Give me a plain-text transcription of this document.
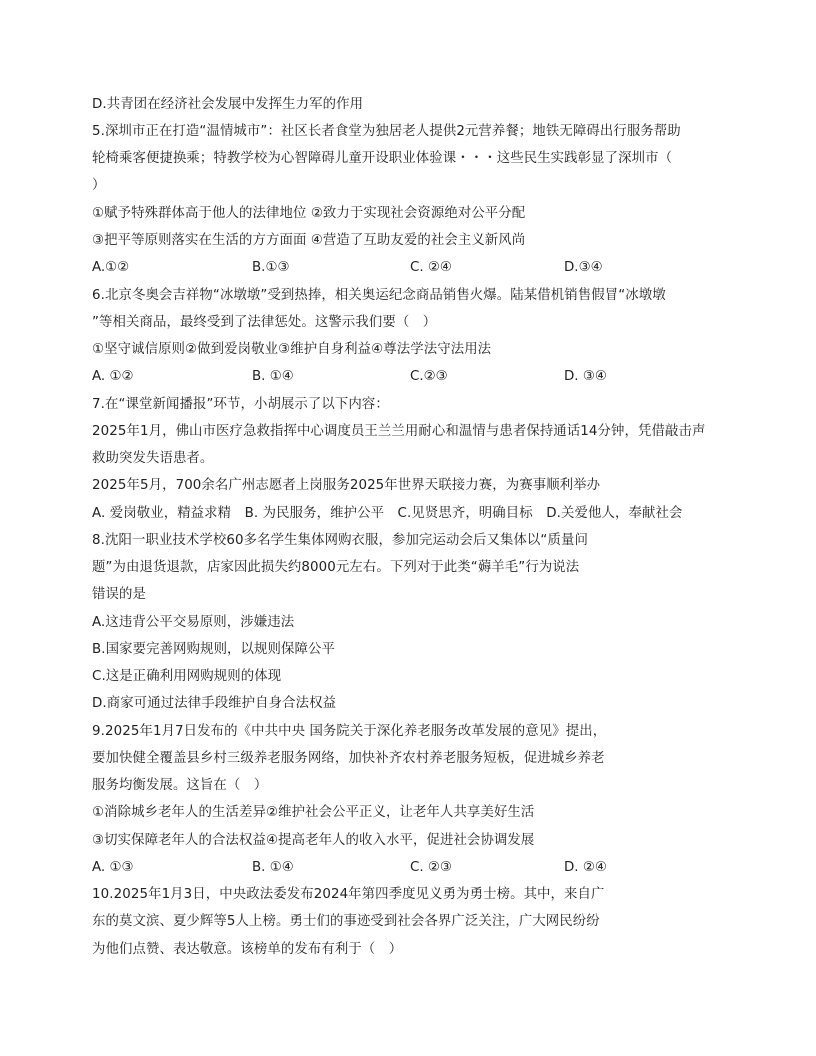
D.共青团在经济社会发展中发挥生力军的作用
5.深圳市正在打造“温情城市”：社区长者食堂为独居老人提供2元营养餐；地铁无障碍出行服务帮助
轮椅乘客便捷换乘；特教学校为心智障碍儿童开设职业体验课・・・这些民生实践彰显了深圳市（
）
①赋予特殊群体高于他人的法律地位 ②致力于实现社会资源绝对公平分配
③把平等原则落实在生活的方方面面 ④营造了互助友爱的社会主义新风尚
A.①②	B.①③	C. ②④	D.③④
6.北京冬奥会吉祥物“冰墩墩”受到热捧，相关奥运纪念商品销售火爆。陆某借机销售假冒“冰墩墩
”等相关商品，最终受到了法律惩处。这警示我们要（　）
①坚守诚信原则②做到爱岗敬业③维护自身利益④尊法学法守法用法
A. ①②	B. ①④	C.②③	D. ③④
7.在“课堂新闻播报”环节，小胡展示了以下内容：
2025年1月，佛山市医疗急救指挥中心调度员王兰兰用耐心和温情与患者保持通话14分钟，凭借敲击声
救助突发失语患者。
2025年5月，700余名广州志愿者上岗服务2025年世界天联接力赛，为赛事顺利举办
A. 爱岗敬业，精益求精　B. 为民服务，维护公平　C.见贤思齐，明确目标　D.关爱他人，奉献社会
8.沈阳一职业技术学校60多名学生集体网购衣服，参加完运动会后又集体以“质量问
题”为由退货退款，店家因此损失约8000元左右。下列对于此类“薅羊毛”行为说法
错误的是
A.这违背公平交易原则，涉嫌违法
B.国家要完善网购规则，以规则保障公平
C.这是正确利用网购规则的体现
D.商家可通过法律手段维护自身合法权益
9.2025年1月7日发布的《中共中央 国务院关于深化养老服务改革发展的意见》提出，
要加快健全覆盖县乡村三级养老服务网络，加快补齐农村养老服务短板，促进城乡养老
服务均衡发展。这旨在（　）
①消除城乡老年人的生活差异②维护社会公平正义，让老年人共享美好生活
③切实保障老年人的合法权益④提高老年人的收入水平，促进社会协调发展
A. ①③	B. ①④	C. ②③	D. ②④
10.2025年1月3日，中央政法委发布2024年第四季度见义勇为勇士榜。其中，来自广
东的莫文滨、夏少辉等5人上榜。勇士们的事迹受到社会各界广泛关注，广大网民纷纷
为他们点赞、表达敬意。该榜单的发布有利于（　）
